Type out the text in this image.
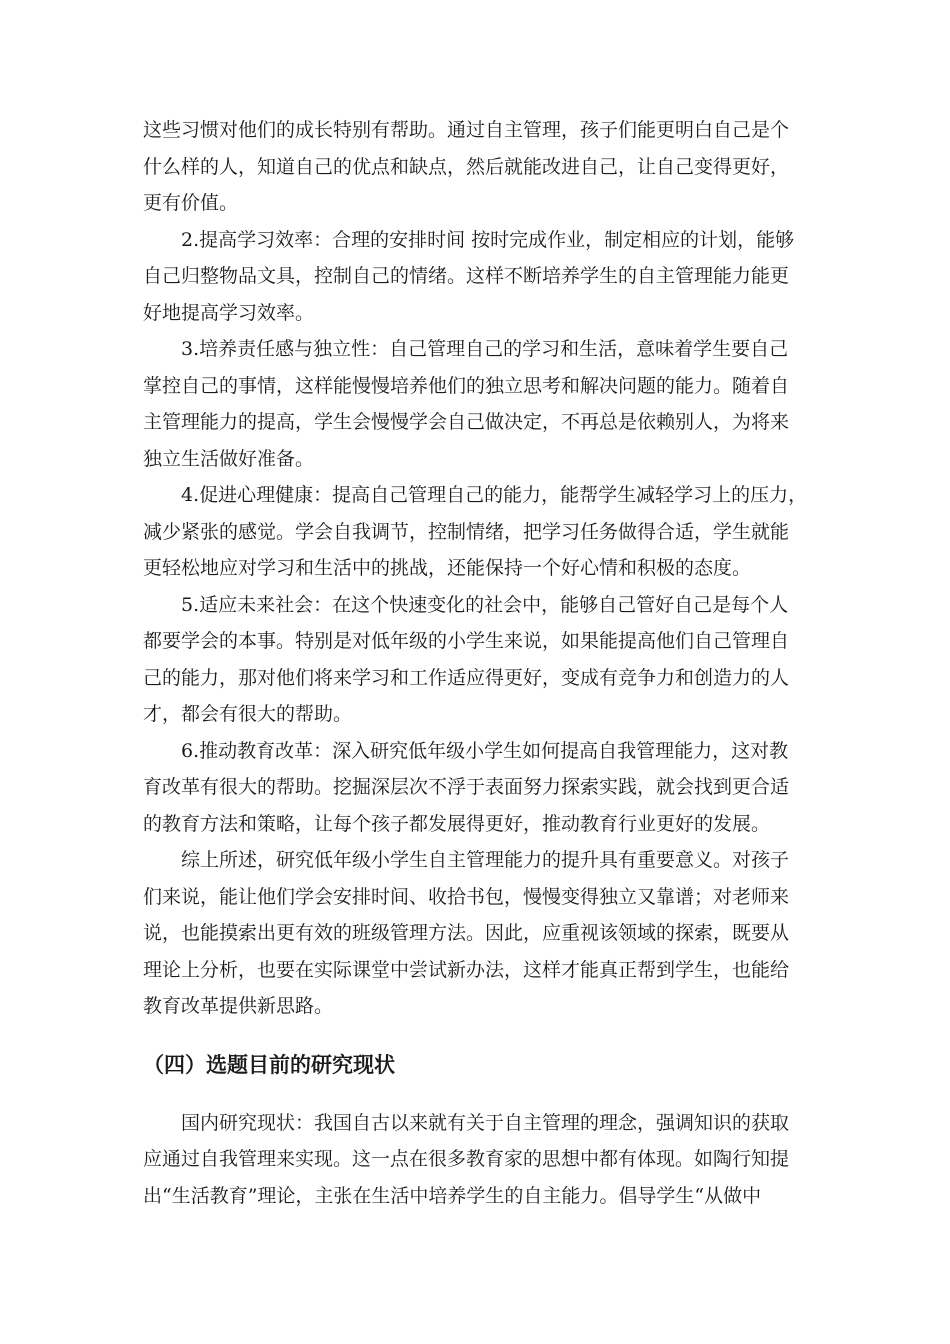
这些习惯对他们的成长特别有帮助。通过自主管理，孩子们能更明白自己是个
什么样的人，知道自己的优点和缺点，然后就能改进自己，让自己变得更好，
更有价值。
2.提高学习效率：合理的安排时间 按时完成作业，制定相应的计划，能够
自己归整物品文具，控制自己的情绪。这样不断培养学生的自主管理能力能更
好地提高学习效率。
3.培养责任感与独立性：自己管理自己的学习和生活，意味着学生要自己
掌控自己的事情，这样能慢慢培养他们的独立思考和解决问题的能力。随着自
主管理能力的提高，学生会慢慢学会自己做决定，不再总是依赖别人，为将来
独立生活做好准备。
4.促进心理健康：提高自己管理自己的能力，能帮学生减轻学习上的压力，
减少紧张的感觉。学会自我调节，控制情绪，把学习任务做得合适，学生就能
更轻松地应对学习和生活中的挑战，还能保持一个好心情和积极的态度。
5.适应未来社会：在这个快速变化的社会中，能够自己管好自己是每个人
都要学会的本事。特别是对低年级的小学生来说，如果能提高他们自己管理自
己的能力，那对他们将来学习和工作适应得更好，变成有竞争力和创造力的人
才，都会有很大的帮助。
6.推动教育改革：深入研究低年级小学生如何提高自我管理能力，这对教
育改革有很大的帮助。挖掘深层次不浮于表面努力探索实践，就会找到更合适
的教育方法和策略，让每个孩子都发展得更好，推动教育行业更好的发展。
综上所述，研究低年级小学生自主管理能力的提升具有重要意义。对孩子
们来说，能让他们学会安排时间、收拾书包，慢慢变得独立又靠谱；对老师来
说，也能摸索出更有效的班级管理方法。因此，应重视该领域的探索，既要从
理论上分析，也要在实际课堂中尝试新办法，这样才能真正帮到学生，也能给
教育改革提供新思路。
（四）选题目前的研究现状
国内研究现状：我国自古以来就有关于自主管理的理念，强调知识的获取
应通过自我管理来实现。这一点在很多教育家的思想中都有体现。如陶行知提
出“生活教育”理论，主张在生活中培养学生的自主能力。倡导学生“从做中
